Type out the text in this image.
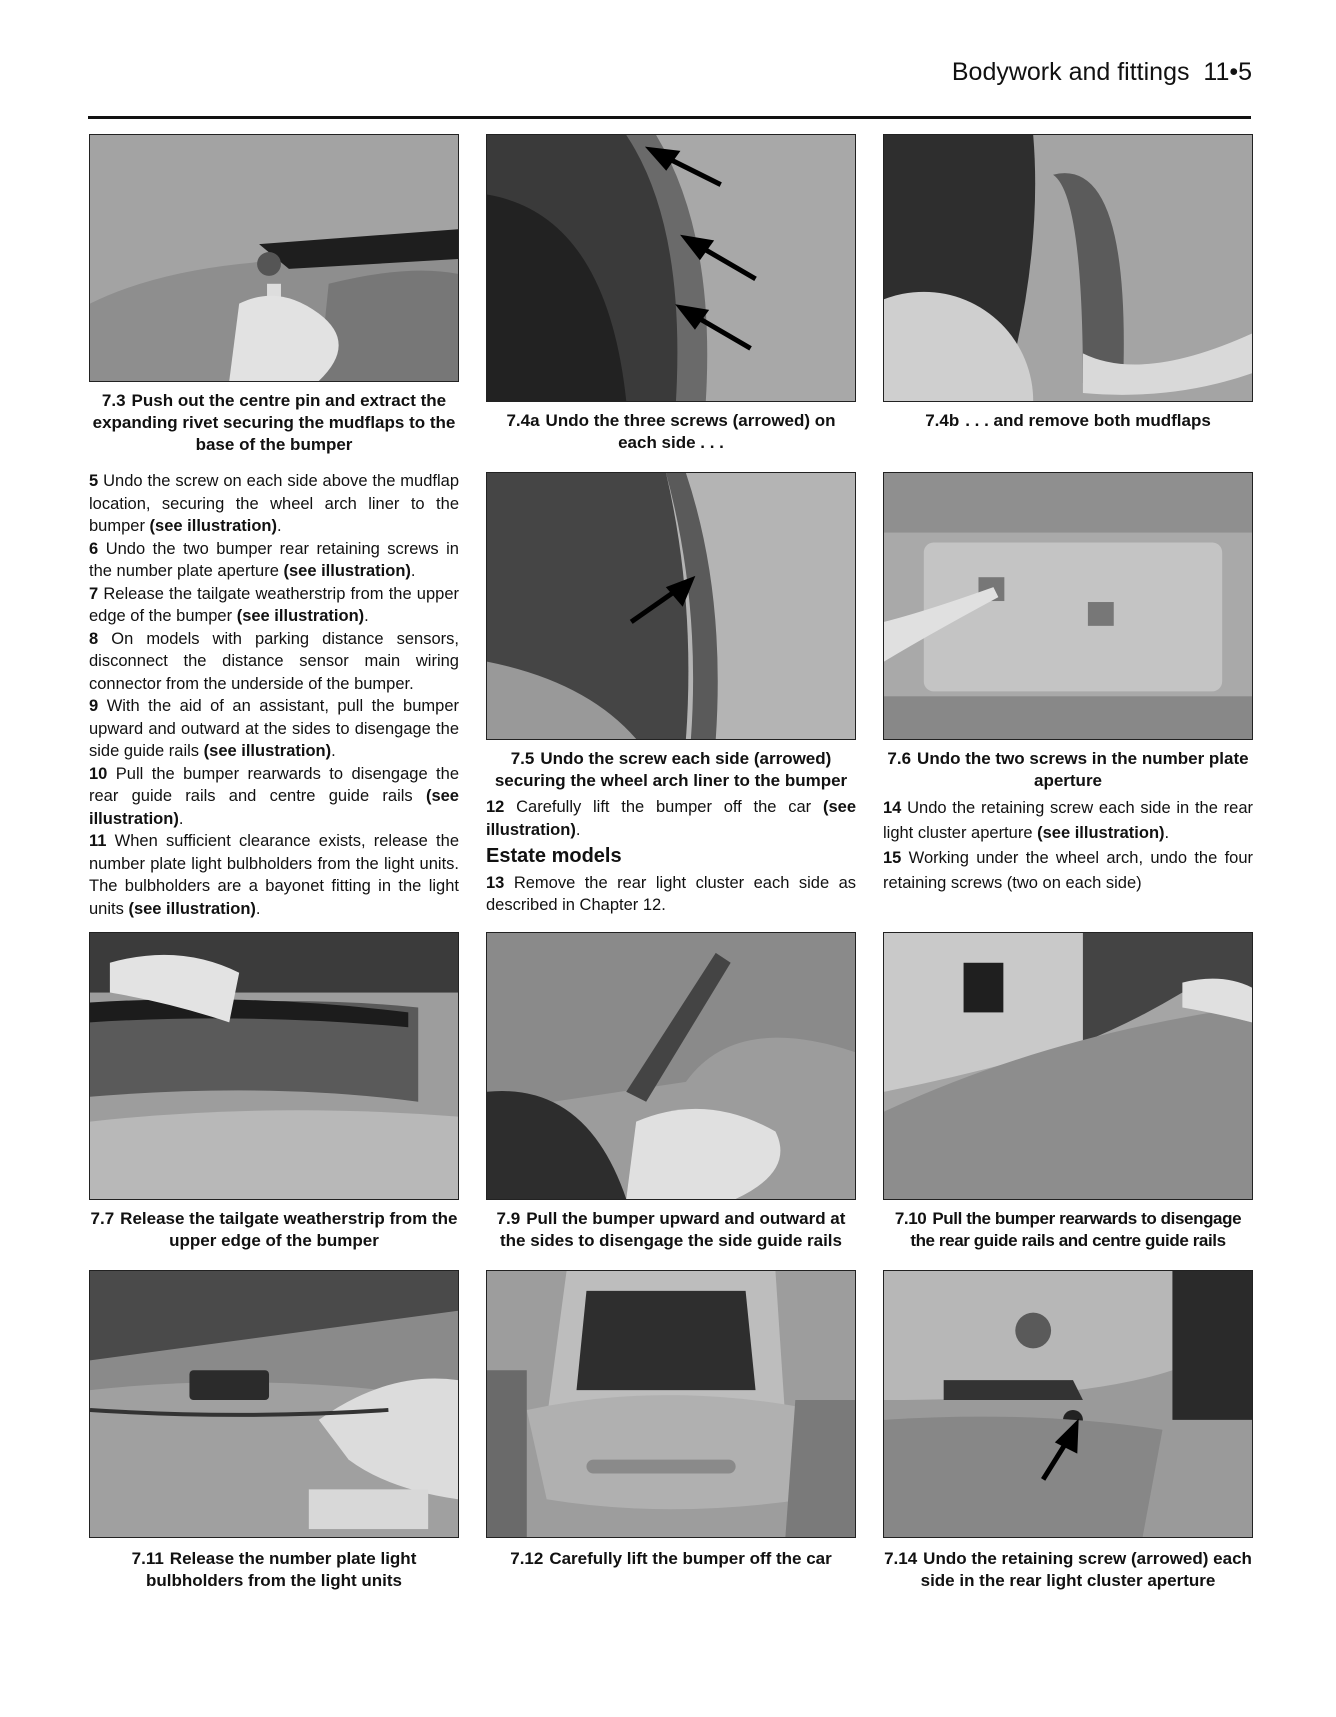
Bodywork and fittings 11•5
7.3 Push out the centre pin and extract the expanding rivet securing the mudflaps to the base of the bumper
7.4a Undo the three screws (arrowed) on each side . . .
7.4b . . . and remove both mudflaps

5 Undo the screw on each side above the mudflap location, securing the wheel arch liner to the bumper (see illustration).

6 Undo the two bumper rear retaining screws in the number plate aperture (see illustration).

7 Release the tailgate weatherstrip from the upper edge of the bumper (see illustration).

8 On models with parking distance sensors, disconnect the distance sensor main wiring connector from the underside of the bumper.

9 With the aid of an assistant, pull the bumper upward and outward at the sides to disengage the side guide rails (see illustration).

10 Pull the bumper rearwards to disengage the rear guide rails and centre guide rails (see illustration).

11 When sufficient clearance exists, release the number plate light bulbholders from the light units. The bulbholders are a bayonet fitting in the light units (see illustration).

7.5 Undo the screw each side (arrowed) securing the wheel arch liner to the bumper
7.6 Undo the two screws in the number plate aperture

12 Carefully lift the bumper off the car (see illustration).

Estate models

13 Remove the rear light cluster each side as described in Chapter 12.

14 Undo the retaining screw each side in the rear light cluster aperture (see illustration).

15 Working under the wheel arch, undo the four retaining screws (two on each side)

7.7 Release the tailgate weatherstrip from the upper edge of the bumper
7.9 Pull the bumper upward and outward at the sides to disengage the side guide rails
7.10 Pull the bumper rearwards to disengage the rear guide rails and centre guide rails
7.11 Release the number plate light bulbholders from the light units
7.12 Carefully lift the bumper off the car	7.14 Undo the retaining screw (arrowed) each side in the rear light cluster aperture
